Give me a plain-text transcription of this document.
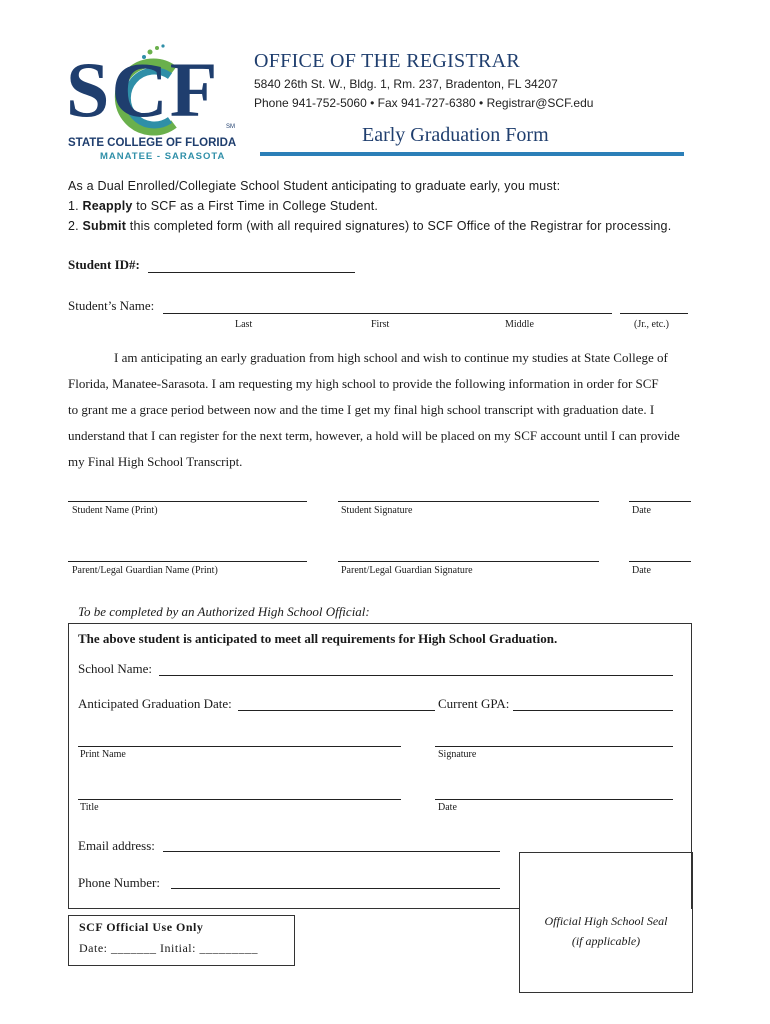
SCF SM
STATE COLLEGE OF FLORIDA
MANATEE - SARASOTA
OFFICE OF THE REGISTRAR
5840 26th St. W., Bldg. 1, Rm. 237, Bradenton, FL 34207
Phone 941-752-5060 • Fax 941-727-6380 • Registrar@SCF.edu
Early Graduation Form
As a Dual Enrolled/Collegiate School Student anticipating to graduate early, you must:
1. Reapply to SCF as a First Time in College Student.
2. Submit this completed form (with all required signatures) to SCF Office of the Registrar for processing.
Student ID#:
Student’s Name:
Last	First	Middle	(Jr., etc.)
I am anticipating an early graduation from high school and wish to continue my studies at State College of
Florida, Manatee-Sarasota. I am requesting my high school to provide the following information in order for SCF
to grant me a grace period between now and the time I get my final high school transcript with graduation date. I
understand that I can register for the next term, however, a hold will be placed on my SCF account until I can provide
my Final High School Transcript.
Student Name (Print)	Student Signature	Date
Parent/Legal Guardian Name (Print)	Parent/Legal Guardian Signature	Date
To be completed by an Authorized High School Official:
The above student is anticipated to meet all requirements for High School Graduation.
School Name:
Anticipated Graduation Date:	Current GPA:
Print Name	Signature
Title	Date
Email address:
Phone Number:
Official High School Seal
(if applicable)
SCF Official Use Only
Date: _______ Initial: _________
